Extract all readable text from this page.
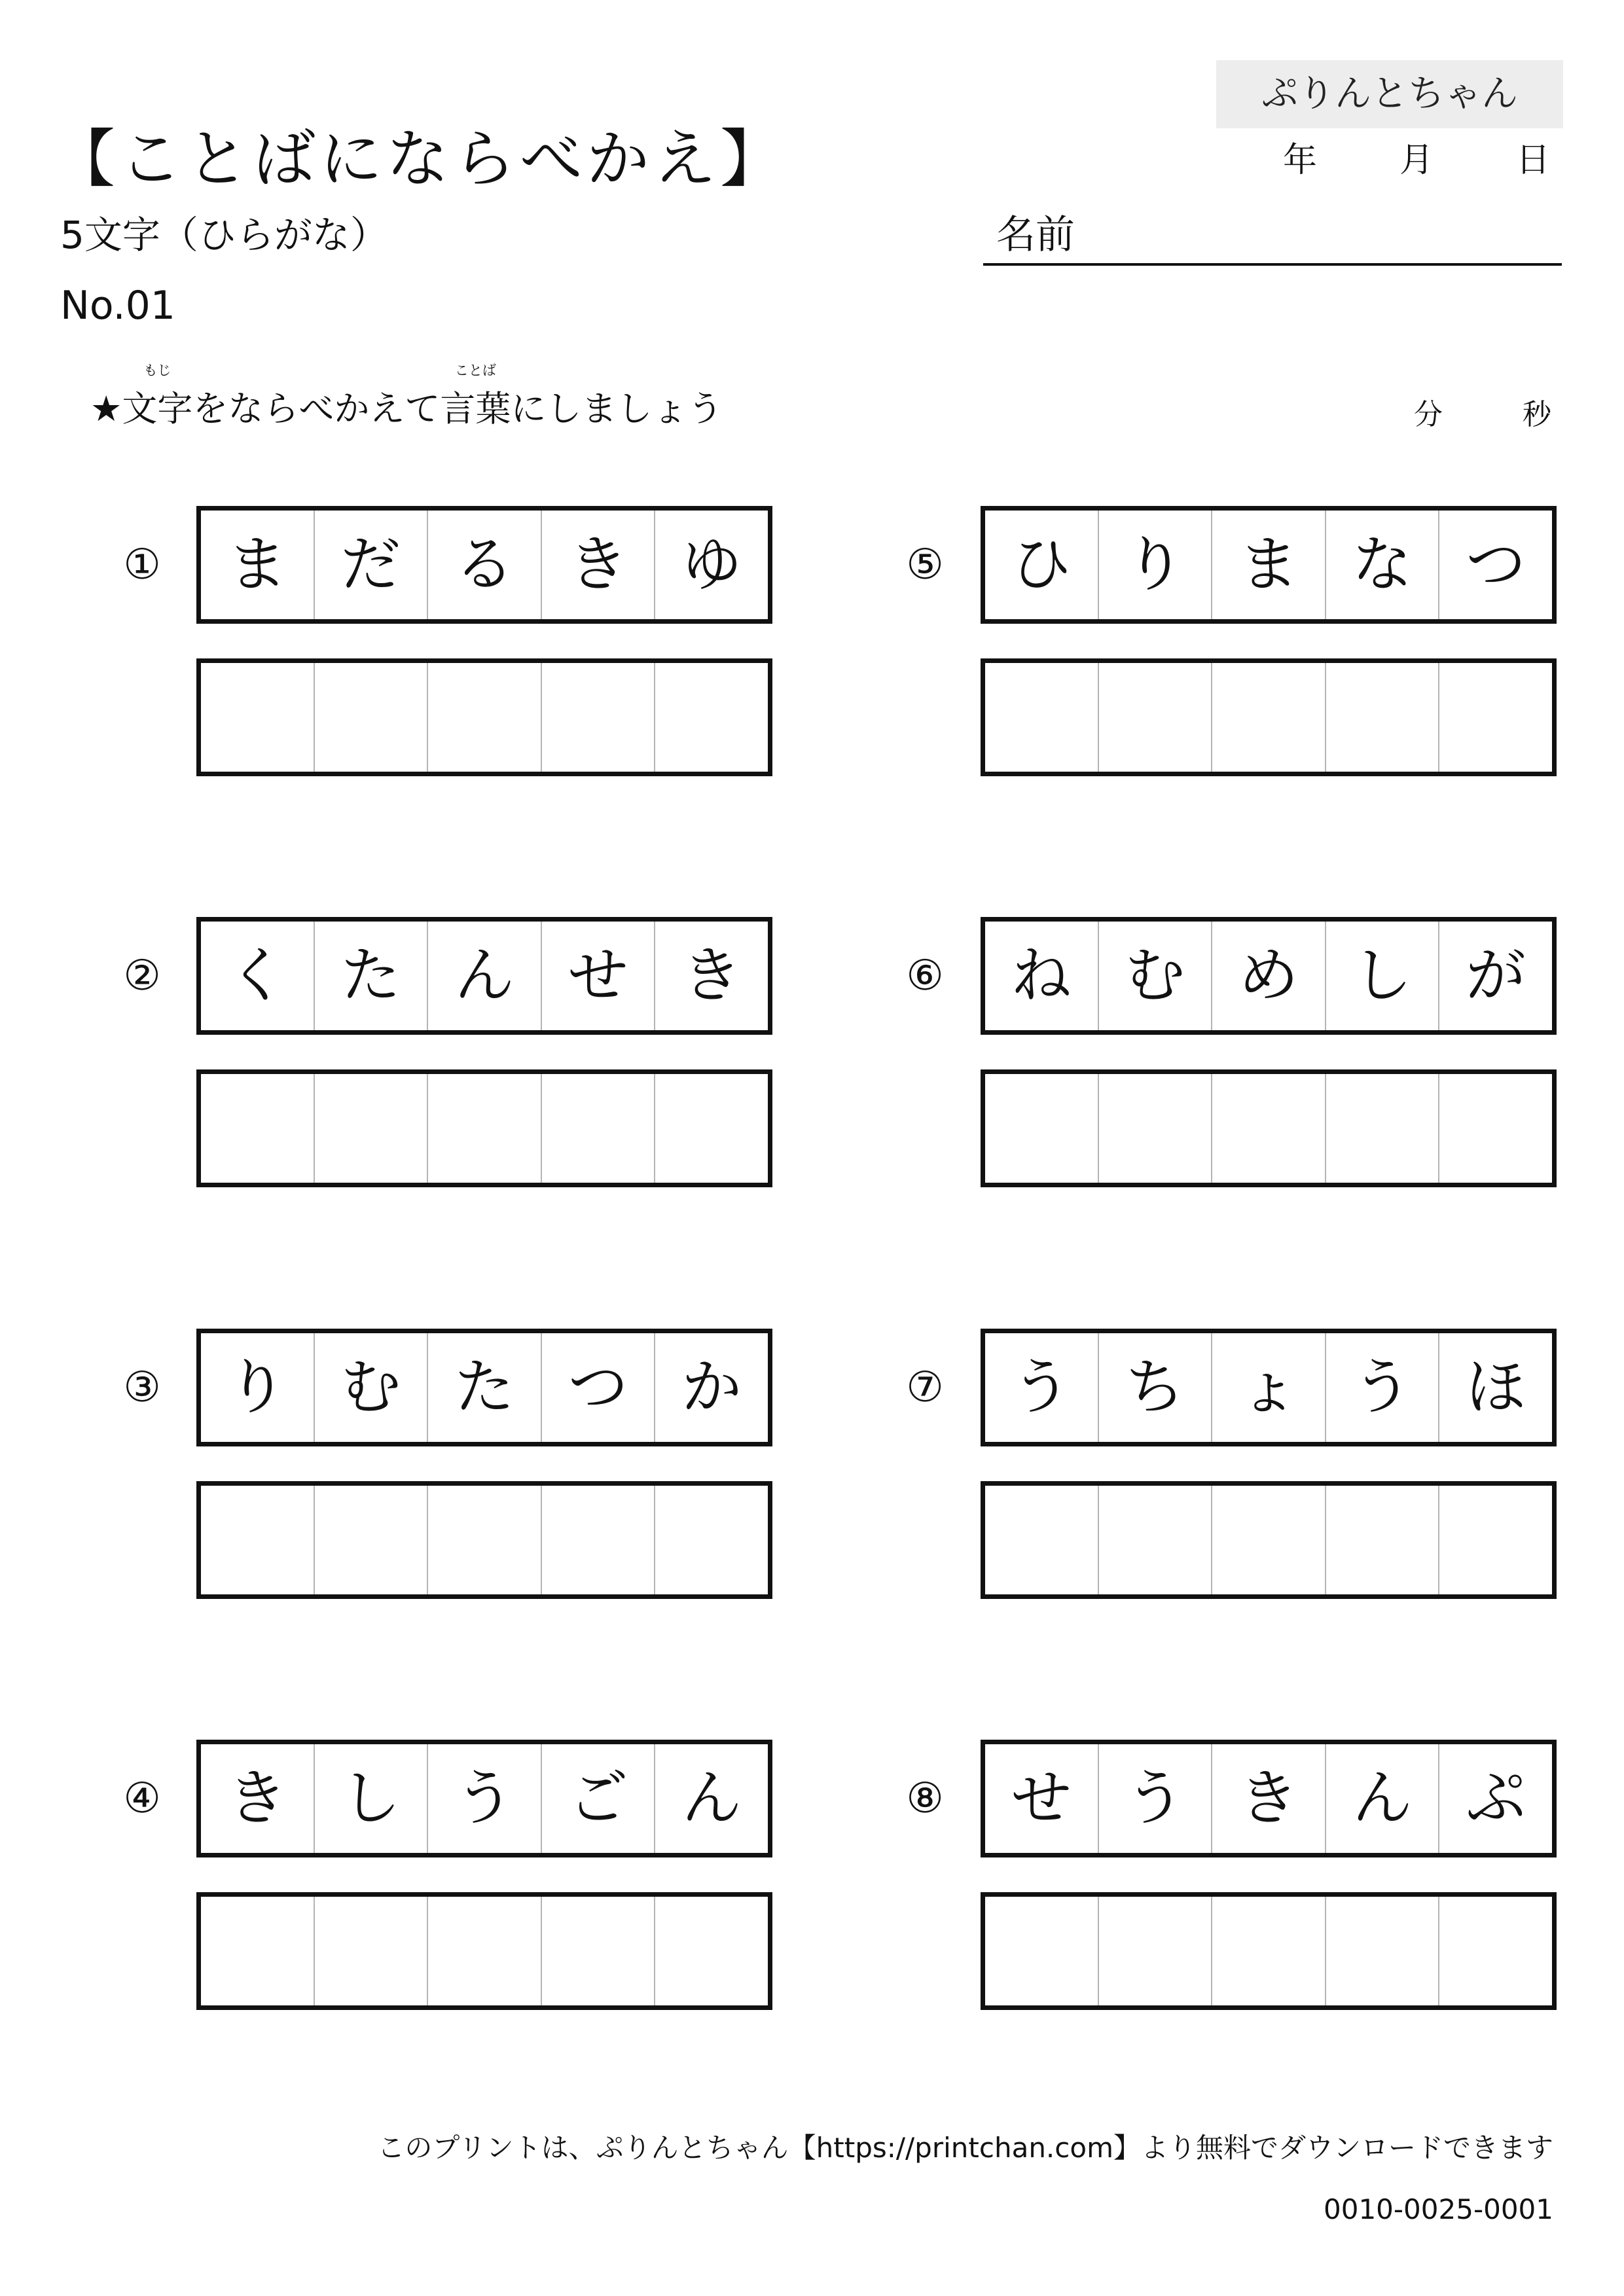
ぷりんとちゃん
年 月 日
【ことばにならべかえ】
5文字（ひらがな）
No.01
名前
★
もじ
文字をならべかえて
ことば
言葉にしましょう	分	秒
①	ま だ る き ゆ
②	く た ん せ き
③	り む た つ か
④	き し う ご ん
⑤	ひ り ま な つ
⑥	ね む め し が
⑦	う ち ょ う ほ
⑧	せ う き ん ぷ
このプリントは、ぷりんとちゃん【https://printchan.com】より無料でダウンロードできます
0010-0025-0001
